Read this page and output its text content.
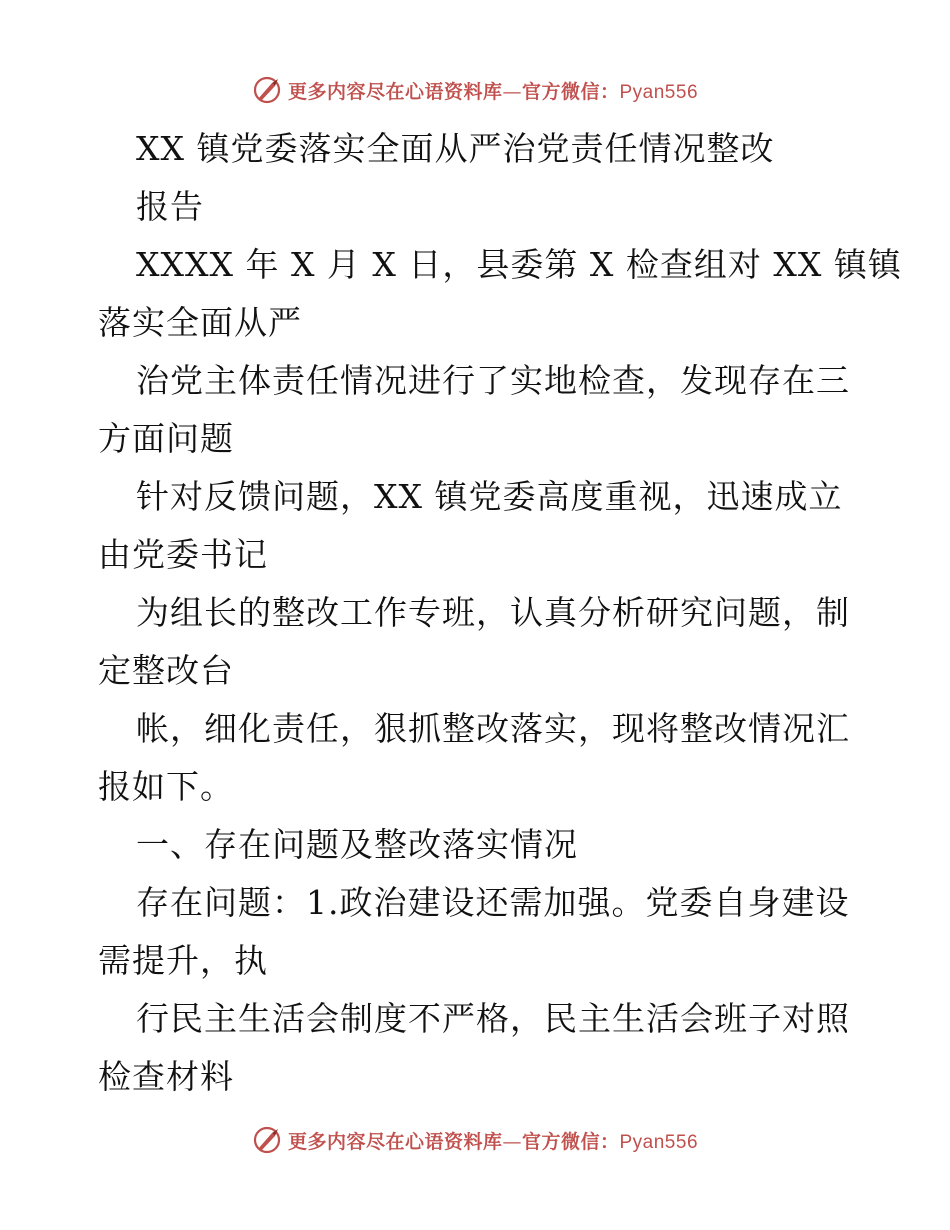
更多内容尽在心语资料库—官方微信：Pyan556
XX 镇党委落实全面从严治党责任情况整改
报告
XXXX 年 X 月 X 日，县委第 X 检查组对 XX 镇镇
落实全面从严
治党主体责任情况进行了实地检查，发现存在三
方面问题
针对反馈问题，XX 镇党委高度重视，迅速成立
由党委书记
为组长的整改工作专班，认真分析研究问题，制
定整改台
帐，细化责任，狠抓整改落实，现将整改情况汇
报如下。
一、存在问题及整改落实情况
存在问题：1.政治建设还需加强。党委自身建设
需提升，执
行民主生活会制度不严格，民主生活会班子对照
检查材料
更多内容尽在心语资料库—官方微信：Pyan556
